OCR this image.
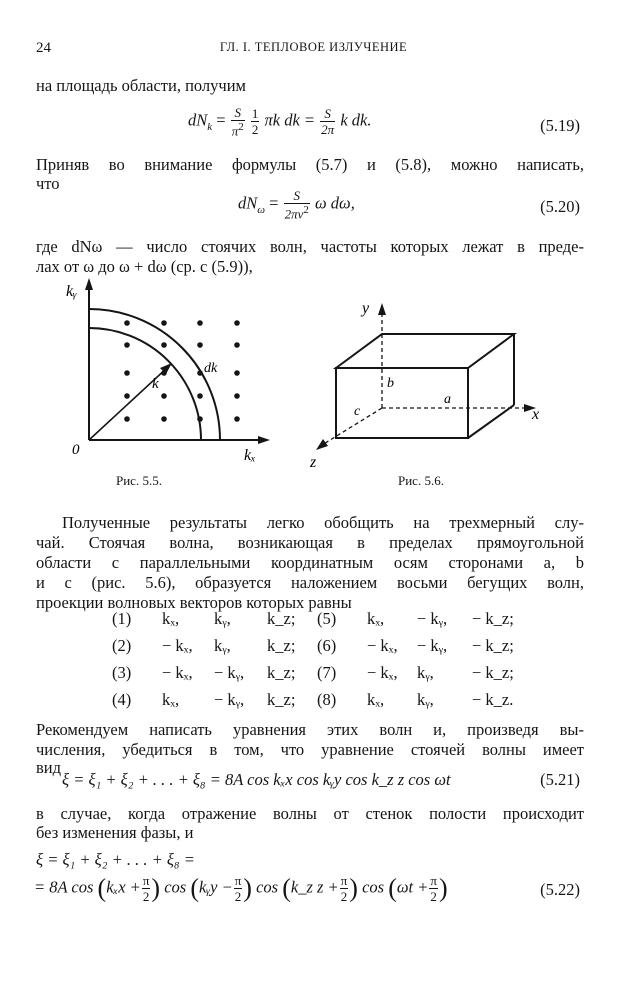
24	ГЛ. I. ТЕПЛОВОЕ ИЗЛУЧЕНИЕ
на площадь области, получим
$dN_k = \frac{S}{\pi^2}$
$\frac{1}{2}$ πk dk = $\frac{S}{2\pi}$ k dk.	(5.19)
Приняв во внимание формулы (5.7) и (5.8), можно написать,
что
$dN_\omega = \frac{S}{2\pi v^2}$ ω dω,	(5.20)
где dNω — число стоячих волн, частоты которых лежат в преде-
лах от ω до ω + dω (ср. с (5.9)),
kᵧ
kₓ
0
k
dk
Рис. 5.5.
y
x
z
a
b
c
Рис. 5.6.
Полученные результаты легко обобщить на трехмерный слу-
чай. Стоячая волна, возникающая в пределах прямоугольной
области с параллельными координатным осям сторонами a, b
и c (рис. 5.6), образуется наложением восьми бегущих волн,
проекции волновых векторов которых равны
(1) kₓ, kᵧ, k_z; (5) kₓ, − kᵧ, − k_z;
(2) − kₓ, kᵧ, k_z; (6) − kₓ, − kᵧ, − k_z;
(3) − kₓ, − kᵧ, k_z; (7) − kₓ, kᵧ, − k_z;
(4) kₓ, − kᵧ, k_z; (8) kₓ, kᵧ, − k_z.
Рекомендуем написать уравнения этих волн и, произведя вы-
числения, убедиться в том, что уравнение стоячей волны имеет
вид
ξ = ξ₁ + ξ₂ + . . . + ξ₈ = 8A cos kₓx cos kᵧy cos k_z z cos ωt	(5.21)
в случае, когда отражение волны от стенок полости происходит
без изменения фазы, и
ξ = ξ₁ + ξ₂ + . . . + ξ₈ =
= 8A $\cos (k_xx + \frac{\pi}{2}$ ) cos (kᵧy − $\frac{\pi}{2}$ ) cos (k_z $z + \frac{\pi}{2}$ ) $\cos (\omega t + \frac{\pi}{2}$ )	(5.22)
